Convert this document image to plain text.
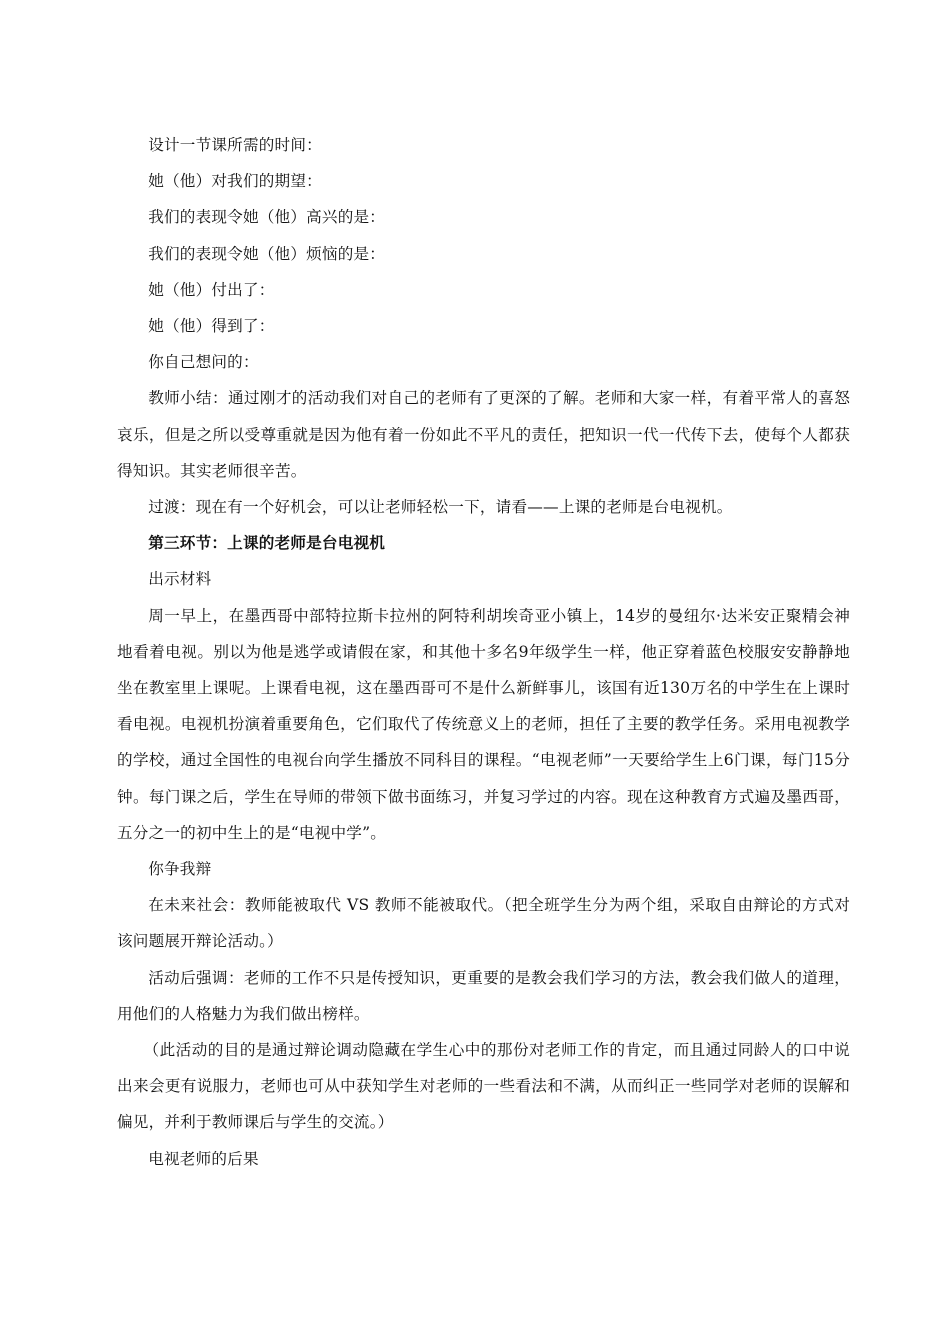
设计一节课所需的时间：

她（他）对我们的期望：

我们的表现令她（他）高兴的是：

我们的表现令她（他）烦恼的是：

她（他）付出了：

她（他）得到了：

你自己想问的：

教师小结：通过刚才的活动我们对自己的老师有了更深的了解。老师和大家一样，有着平常人的喜怒哀乐，但是之所以受尊重就是因为他有着一份如此不平凡的责任，把知识一代一代传下去，使每个人都获得知识。其实老师很辛苦。

过渡：现在有一个好机会，可以让老师轻松一下，请看——上课的老师是台电视机。

第三环节：上课的老师是台电视机

出示材料

周一早上，在墨西哥中部特拉斯卡拉州的阿特利胡埃奇亚小镇上，14岁的曼纽尔·达米安正聚精会神地看着电视。别以为他是逃学或请假在家，和其他十多名9年级学生一样，他正穿着蓝色校服安安静静地坐在教室里上课呢。上课看电视，这在墨西哥可不是什么新鲜事儿，该国有近130万名的中学生在上课时看电视。电视机扮演着重要角色，它们取代了传统意义上的老师，担任了主要的教学任务。采用电视教学的学校，通过全国性的电视台向学生播放不同科目的课程。“电视老师”一天要给学生上6门课，每门15分钟。每门课之后，学生在导师的带领下做书面练习，并复习学过的内容。现在这种教育方式遍及墨西哥，五分之一的初中生上的是“电视中学”。

你争我辩

在未来社会：教师能被取代 VS 教师不能被取代。（把全班学生分为两个组，采取自由辩论的方式对该问题展开辩论活动。）

活动后强调：老师的工作不只是传授知识，更重要的是教会我们学习的方法，教会我们做人的道理，用他们的人格魅力为我们做出榜样。

（此活动的目的是通过辩论调动隐藏在学生心中的那份对老师工作的肯定，而且通过同龄人的口中说出来会更有说服力，老师也可从中获知学生对老师的一些看法和不满，从而纠正一些同学对老师的误解和偏见，并利于教师课后与学生的交流。）

电视老师的后果
